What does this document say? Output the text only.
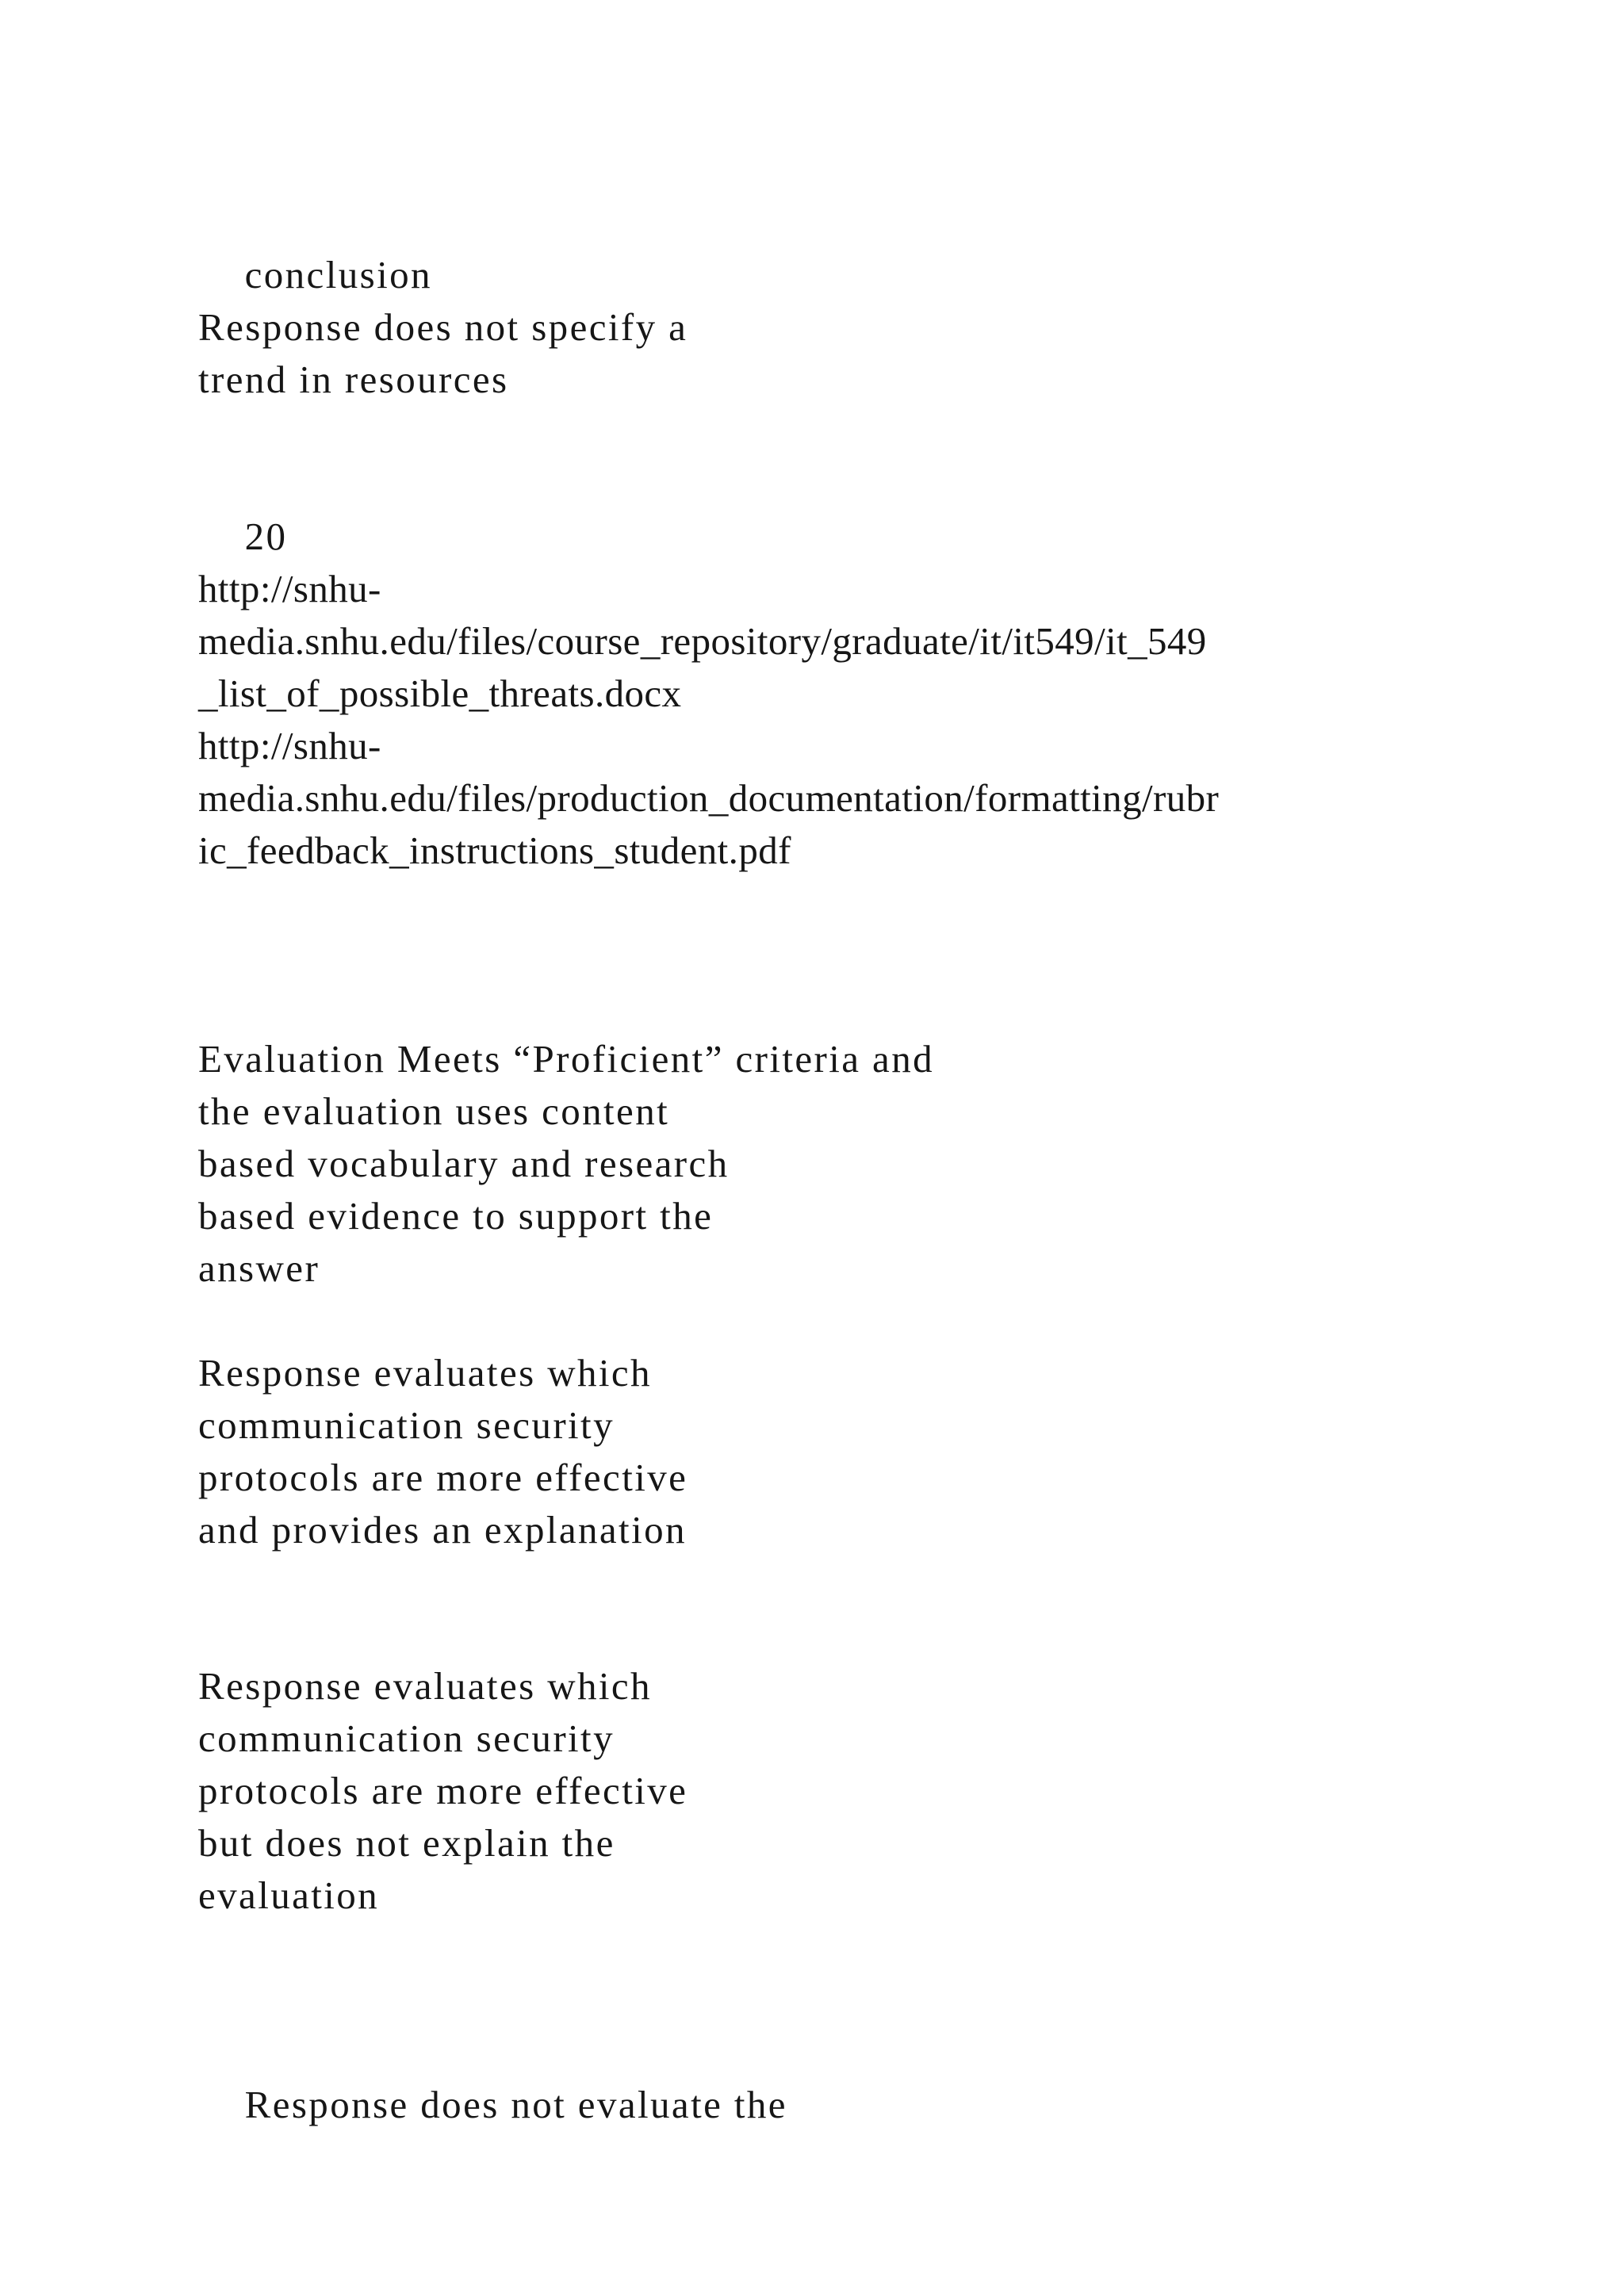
conclusion

Response does not specify a
trend in resources

20

http://snhu-
media.snhu.edu/files/course_repository/graduate/it/it549/it_549
_list_of_possible_threats.docx
http://snhu-
media.snhu.edu/files/production_documentation/formatting/rubr
ic_feedback_instructions_student.pdf

Evaluation Meets “Proficient” criteria and
the evaluation uses content
based vocabulary and research
based evidence to support the
answer

Response evaluates which
communication security
protocols are more effective
and provides an explanation

Response evaluates which
communication security
protocols are more effective
but does not explain the
evaluation

Response does not evaluate the
